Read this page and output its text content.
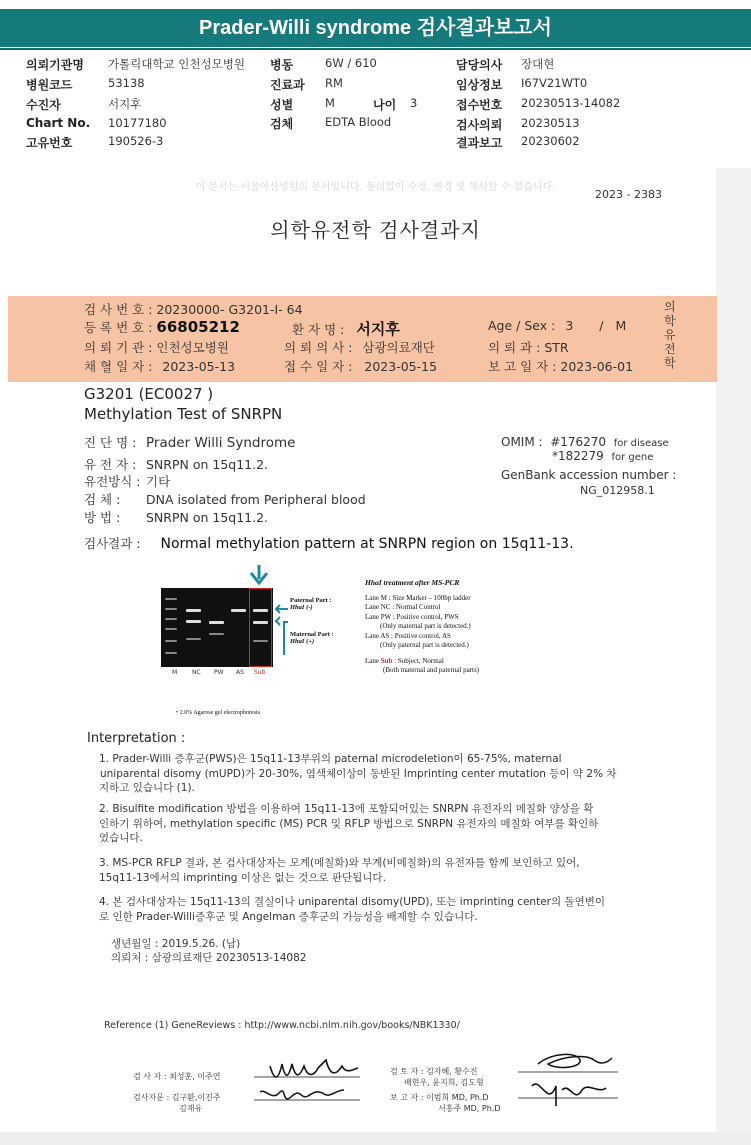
Prader-Willi syndrome 검사결과보고서
의뢰기관명 가톨릭대학교 인천성모병원 병동	6W / 610	담당의사 장대현
병원코드	53138	진료과 RM	임상정보 I67V21WT0
수진자	서지후	성별	M	나이 3	접수번호 20230513-14082
Chart No. 10177180	검체	EDTA Blood	검사의뢰 20230513
고유번호	190526-3	결과보고 20230602
이 문서는 서울아산병원의 문서입니다. 동의없이 수정, 변경 및 복사할 수 없습니다.
2023 - 2383
의학유전학 검사결과지
검 사 번 호 : 20230000- G3201-I- 64
등 록 번 호 : 66805212	환 자 명 : 서지후	Age / Sex : 3 / M
의 뢰 기 관 : 인천성모병원	의 뢰 의 사 : 삼광의료재단	의 뢰 과 : STR
채 혈 일 자 : 2023-05-13	접 수 일 자 : 2023-05-15	보 고 일 자 : 2023-06-01
의
학
유
전
학
G3201 (EC0027 )
Methylation Test of SNRPN
진 단 명 : Prader Willi Syndrome
유 전 자 : SNRPN on 15q11.2.
유전방식 : 기타
검 체 : DNA isolated from Peripheral blood
방 법 : SNRPN on 15q11.2.
OMIM : #176270 for disease
*182279 for gene
GenBank accession number :
NG_012958.1
검사결과 : Normal methylation pattern at SNRPN region on 15q11-13.
M NC PW AS Sub
Paternal Part :
HhaI (-)
Maternal Part :
HhaI (+)
• 2.0% Agarose gel electrophoresis
HhaI treatment after MS-PCR

Lane M : Size Marker – 100bp ladder

Lane NC : Normal Control

Lane PW : Positive control, PWS

(Only maternal part is detected.)

Lane AS : Positive control, AS

(Only paternal part is detected.)

Lane Sub : Subject, Normal

(Both maternal and paternal parts)

Interpretation :
1. Prader-Willi 증후군(PWS)은 15q11-13부위의 paternal microdeletion이 65-75%, maternal
uniparental disomy (mUPD)가 20-30%, 염색체이상이 동반된 Imprinting center mutation 등이 약 2% 차
지하고 있습니다 (1).
2. Bisulfite modification 방법을 이용하여 15q11-13에 포함되어있는 SNRPN 유전자의 메칠화 양상을 확
인하기 위하여, methylation specific (MS) PCR 및 RFLP 방법으로 SNRPN 유전자의 메칠화 여부를 확인하
였습니다.
3. MS-PCR RFLP 결과, 본 검사대상자는 모계(메칠화)와 부계(비메칠화)의 유전자를 함께 보인하고 있어,
15q11-13에서의 imprinting 이상은 없는 것으로 판단됩니다.
4. 본 검사대상자는 15q11-13의 결실이나 uniparental disomy(UPD), 또는 imprinting center의 돌연변이
로 인한 Prader-Willi증후군 및 Angelman 증후군의 가능성을 배제할 수 있습니다.
생년월일 : 2019.5.26. (남)
의뢰처 : 삼광의료재단 20230513-14082
Reference (1) GeneReviews : http://www.ncbi.nlm.nih.gov/books/NBK1330/
검 사 자 : 최성훈, 이주연
검사자문 : 김구환,이진주
김재유
검 토 자 : 김자혜, 황수진
배현우, 윤지희, 김도형
보 고 자 : 이범희 MD, Ph.D
서홍주 MD, Ph.D
